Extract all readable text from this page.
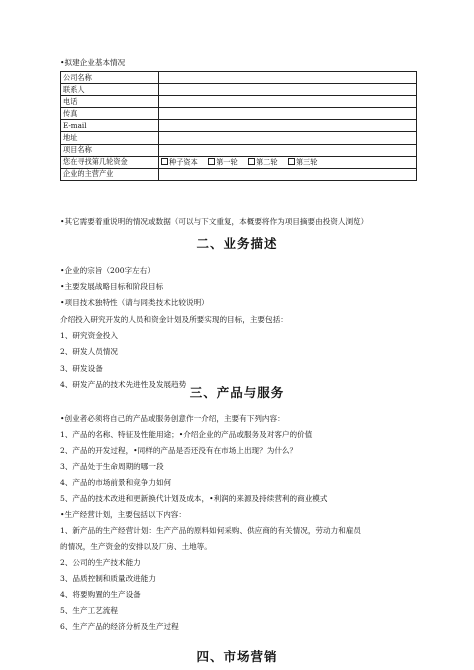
•拟建企业基本情况
公司名称	
联系人	
电话	
传真	
E-mail	
地址	
项目名称	
您在寻找第几轮资金	种子资本 第一轮 第二轮 第三轮
企业的主营产业	
•其它需要着重说明的情况或数据（可以与下文重复，本概要将作为项目摘要由投资人浏览）
二、业务描述
•企业的宗旨（200字左右）
•主要发展战略目标和阶段目标
•项目技术独特性（请与同类技术比较说明）
介绍投入研究开发的人员和资金计划及所要实现的目标，主要包括：
1、研究资金投入
2、研发人员情况
3、研发设备
4、研发产品的技术先进性及发展趋势
三、产品与服务
•创业者必须将自己的产品或服务创意作一介绍，主要有下列内容：
1、产品的名称、特征及性能用途；•介绍企业的产品或服务及对客户的价值
2、产品的开发过程，•同样的产品是否还没有在市场上出现？为什么？
3、产品处于生命周期的哪一段
4、产品的市场前景和竞争力如何
5、产品的技术改进和更新换代计划及成本，•利润的来源及持续营利的商业模式
•生产经营计划，主要包括以下内容：
1、新产品的生产经营计划：生产产品的原料如何采购、供应商的有关情况，劳动力和雇员
的情况，生产资金的安排以及厂房、土地等。
2、公司的生产技术能力
3、品质控制和质量改进能力
4、将要购置的生产设备
5、生产工艺流程
6、生产产品的经济分析及生产过程
四、市场营销
